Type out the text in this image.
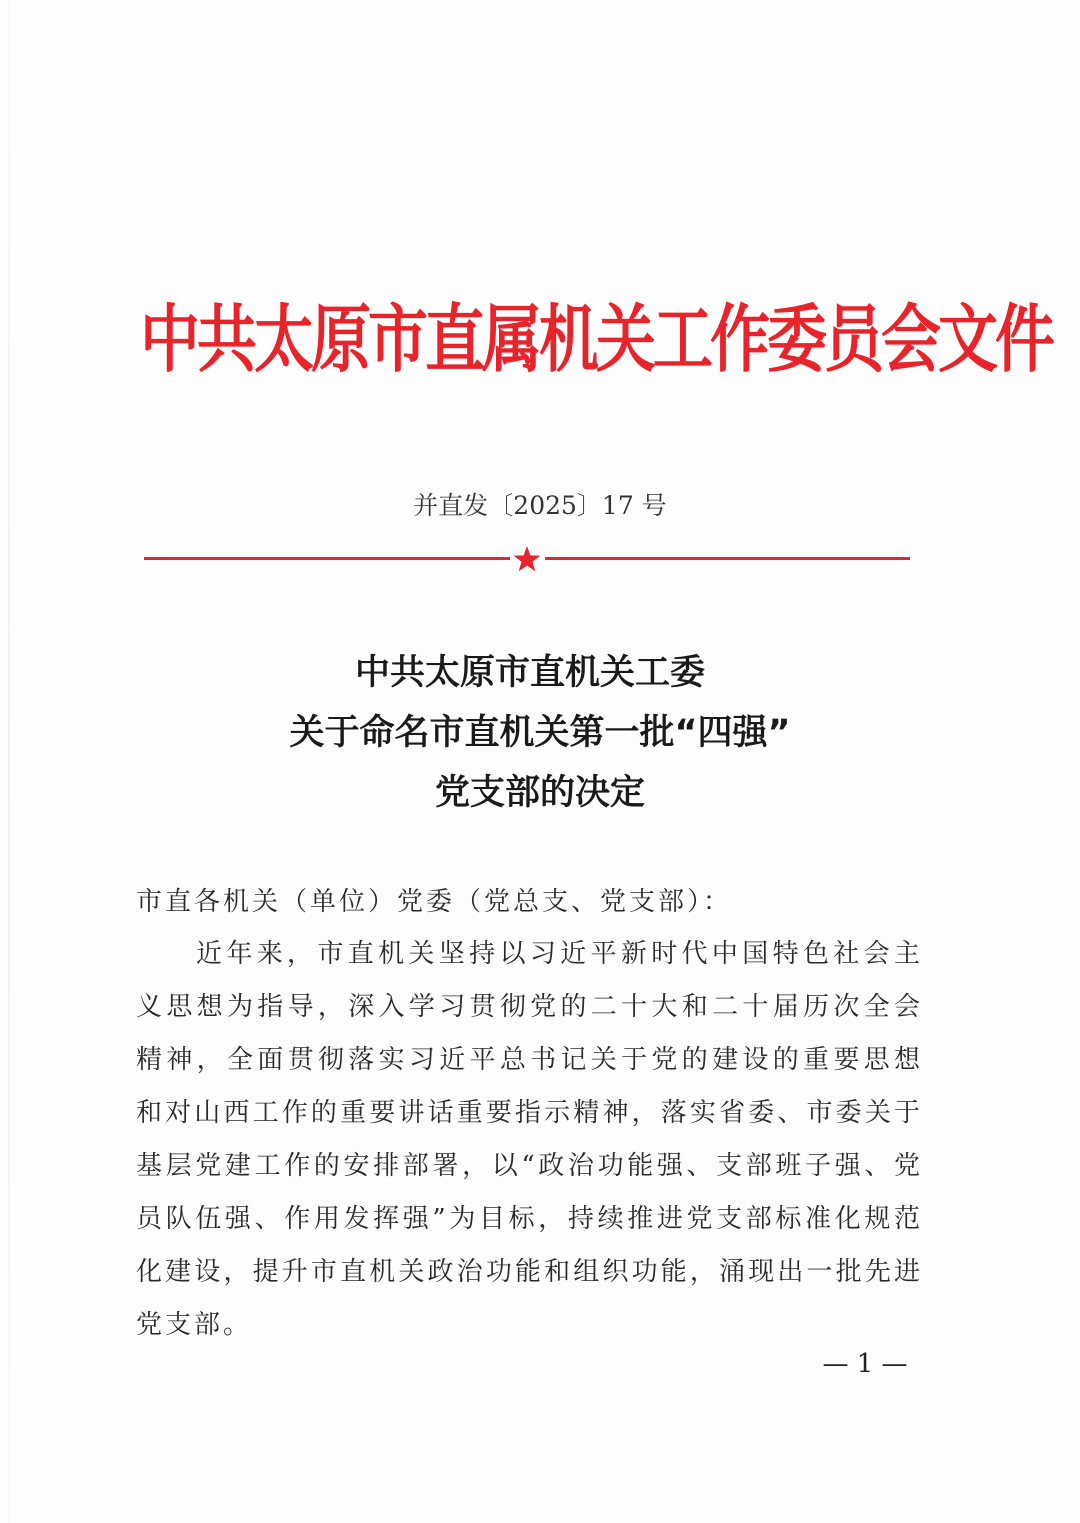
中共太原市直属机关工作委员会文件
并直发〔2025〕17 号
中共太原市直机关工委
关于命名市直机关第一批“四强”
党支部的决定
市直各机关（单位）党委（党总支、党支部）：
近年来，市直机关坚持以习近平新时代中国特色社会主
义思想为指导，深入学习贯彻党的二十大和二十届历次全会
精神，全面贯彻落实习近平总书记关于党的建设的重要思想
和对山西工作的重要讲话重要指示精神，落实省委、市委关于
基层党建工作的安排部署，以“政治功能强、支部班子强、党
员队伍强、作用发挥强”为目标，持续推进党支部标准化规范
化建设，提升市直机关政治功能和组织功能，涌现出一批先进
党支部。
— 1 —
